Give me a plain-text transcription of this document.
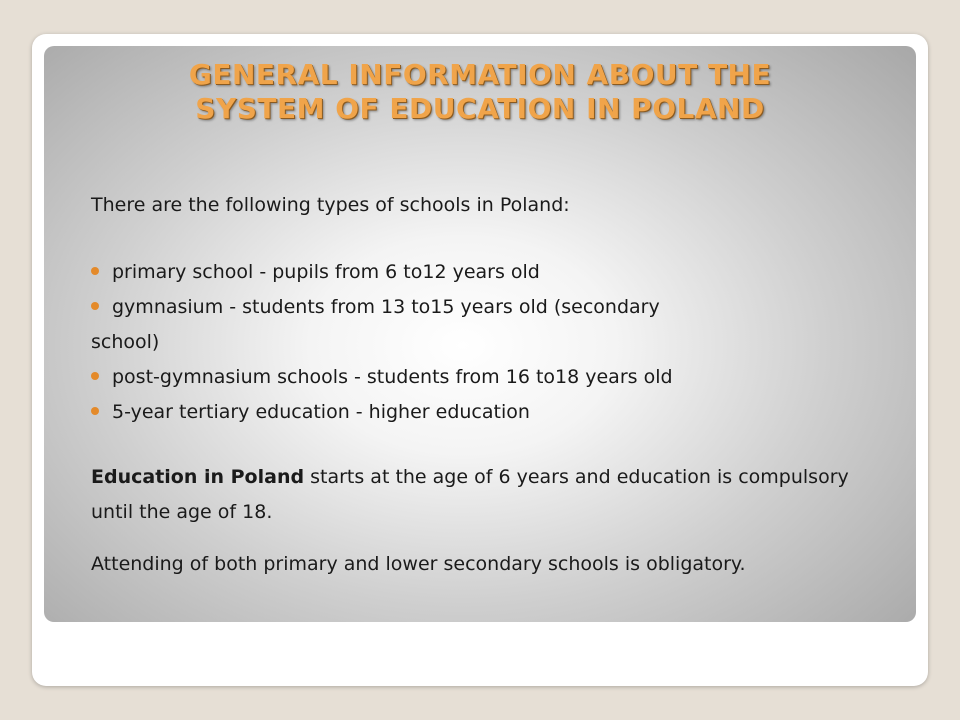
GENERAL INFORMATION ABOUT THE
SYSTEM OF EDUCATION IN POLAND

There are the following types of schools in Poland:

primary school - pupils from 6 to12 years old
gymnasium - students from 13 to15 years old (secondary
school)
post-gymnasium schools - students from 16 to18 years old
5-year tertiary education - higher education

Education in Poland starts at the age of 6 years and education is compulsory until the age of 18.

Attending of both primary and lower secondary schools is obligatory.
